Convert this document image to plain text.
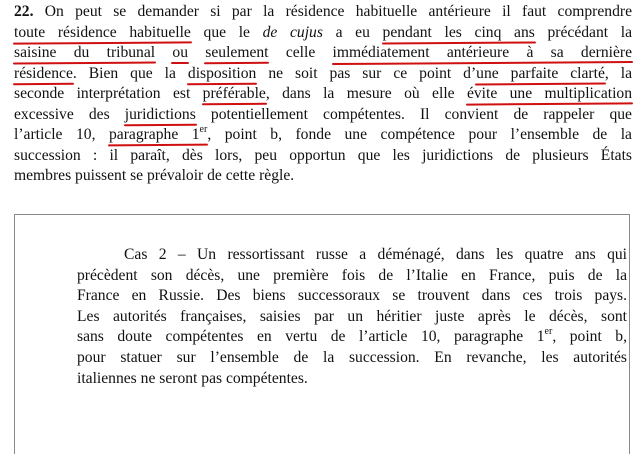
22. On peut se demander si par la résidence habituelle antérieure il faut comprendre
toute résidence habituelle que le de cujus a eu pendant les cinq ans précédant la
saisine du tribunal ou seulement celle immédiatement antérieure à sa dernière
résidence. Bien que la disposition ne soit pas sur ce point d’une parfaite clarté, la
seconde interprétation est préférable, dans la mesure où elle évite une multiplication
excessive des juridictions potentiellement compétentes. Il convient de rappeler que
l’article 10, paragraphe 1er, point b, fonde une compétence pour l’ensemble de la
succession : il paraît, dès lors, peu opportun que les juridictions de plusieurs États
membres puissent se prévaloir de cette règle.
Cas 2 – Un ressortissant russe a déménagé, dans les quatre ans qui
précèdent son décès, une première fois de l’Italie en France, puis de la
France en Russie. Des biens successoraux se trouvent dans ces trois pays.
Les autorités françaises, saisies par un héritier juste après le décès, sont
sans doute compétentes en vertu de l’article 10, paragraphe 1er, point b,
pour statuer sur l’ensemble de la succession. En revanche, les autorités
italiennes ne seront pas compétentes.
